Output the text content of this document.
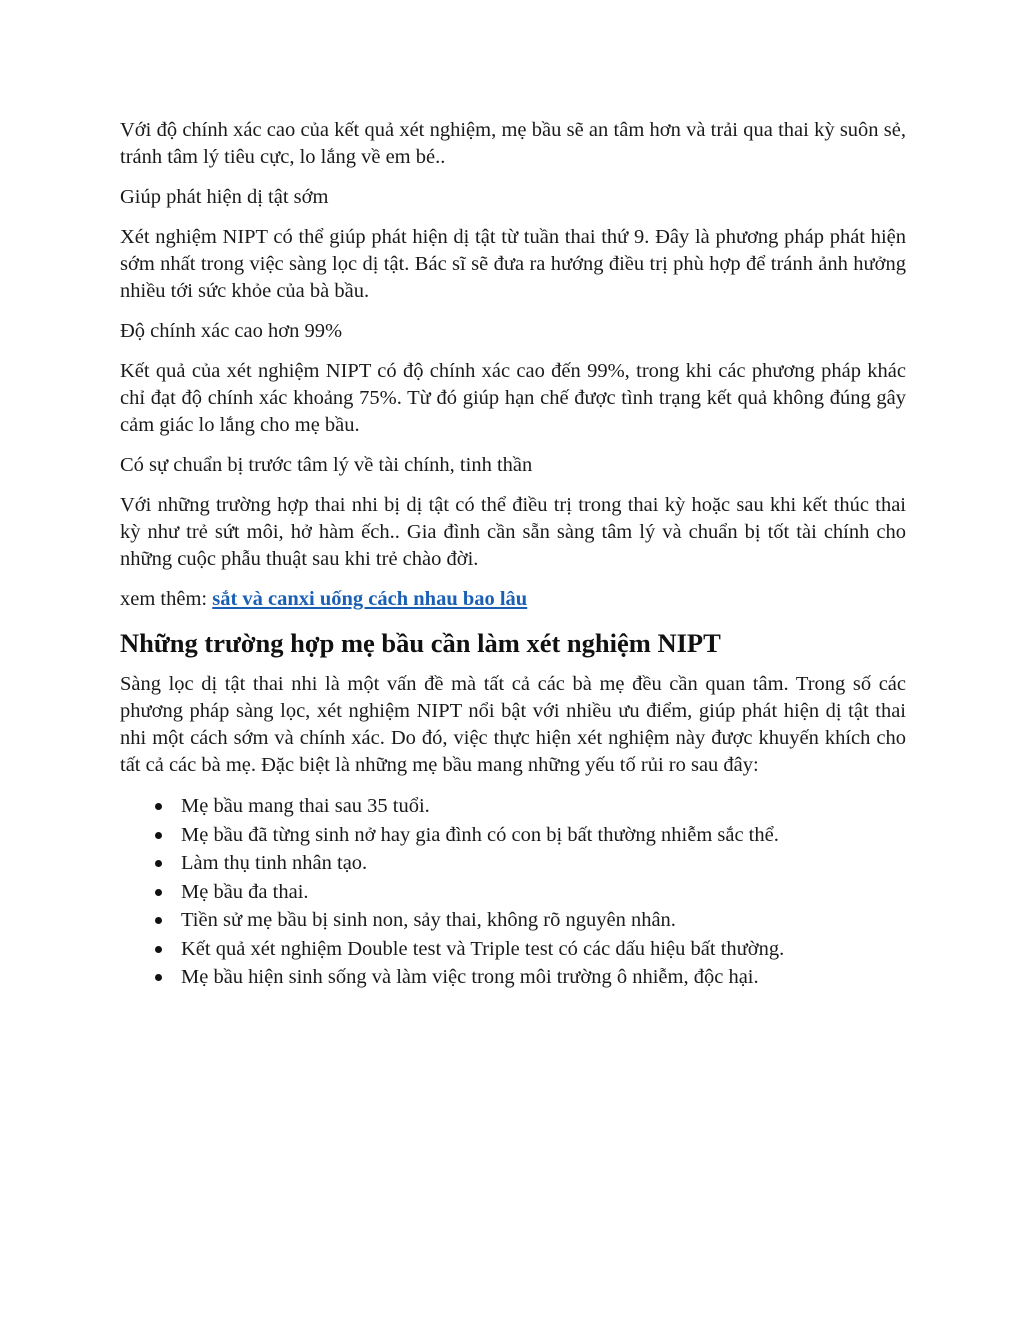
Với độ chính xác cao của kết quả xét nghiệm, mẹ bầu sẽ an tâm hơn và trải qua thai kỳ suôn sẻ, tránh tâm lý tiêu cực, lo lắng về em bé..

Giúp phát hiện dị tật sớm

Xét nghiệm NIPT có thể giúp phát hiện dị tật từ tuần thai thứ 9. Đây là phương pháp phát hiện sớm nhất trong việc sàng lọc dị tật. Bác sĩ sẽ đưa ra hướng điều trị phù hợp để tránh ảnh hưởng nhiều tới sức khỏe của bà bầu.

Độ chính xác cao hơn 99%

Kết quả của xét nghiệm NIPT có độ chính xác cao đến 99%, trong khi các phương pháp khác chỉ đạt độ chính xác khoảng 75%. Từ đó giúp hạn chế được tình trạng kết quả không đúng gây cảm giác lo lắng cho mẹ bầu.

Có sự chuẩn bị trước tâm lý về tài chính, tinh thần

Với những trường hợp thai nhi bị dị tật có thể điều trị trong thai kỳ hoặc sau khi kết thúc thai kỳ như trẻ sứt môi, hở hàm ếch.. Gia đình cần sẵn sàng tâm lý và chuẩn bị tốt tài chính cho những cuộc phẫu thuật sau khi trẻ chào đời.

xem thêm: sắt và canxi uống cách nhau bao lâu

Những trường hợp mẹ bầu cần làm xét nghiệm NIPT

Sàng lọc dị tật thai nhi là một vấn đề mà tất cả các bà mẹ đều cần quan tâm. Trong số các phương pháp sàng lọc, xét nghiệm NIPT nổi bật với nhiều ưu điểm, giúp phát hiện dị tật thai nhi một cách sớm và chính xác. Do đó, việc thực hiện xét nghiệm này được khuyến khích cho tất cả các bà mẹ. Đặc biệt là những mẹ bầu mang những yếu tố rủi ro sau đây:

Mẹ bầu mang thai sau 35 tuổi.
Mẹ bầu đã từng sinh nở hay gia đình có con bị bất thường nhiễm sắc thể.
Làm thụ tinh nhân tạo.
Mẹ bầu đa thai.
Tiền sử mẹ bầu bị sinh non, sảy thai, không rõ nguyên nhân.
Kết quả xét nghiệm Double test và Triple test có các dấu hiệu bất thường.
Mẹ bầu hiện sinh sống và làm việc trong môi trường ô nhiễm, độc hại.
